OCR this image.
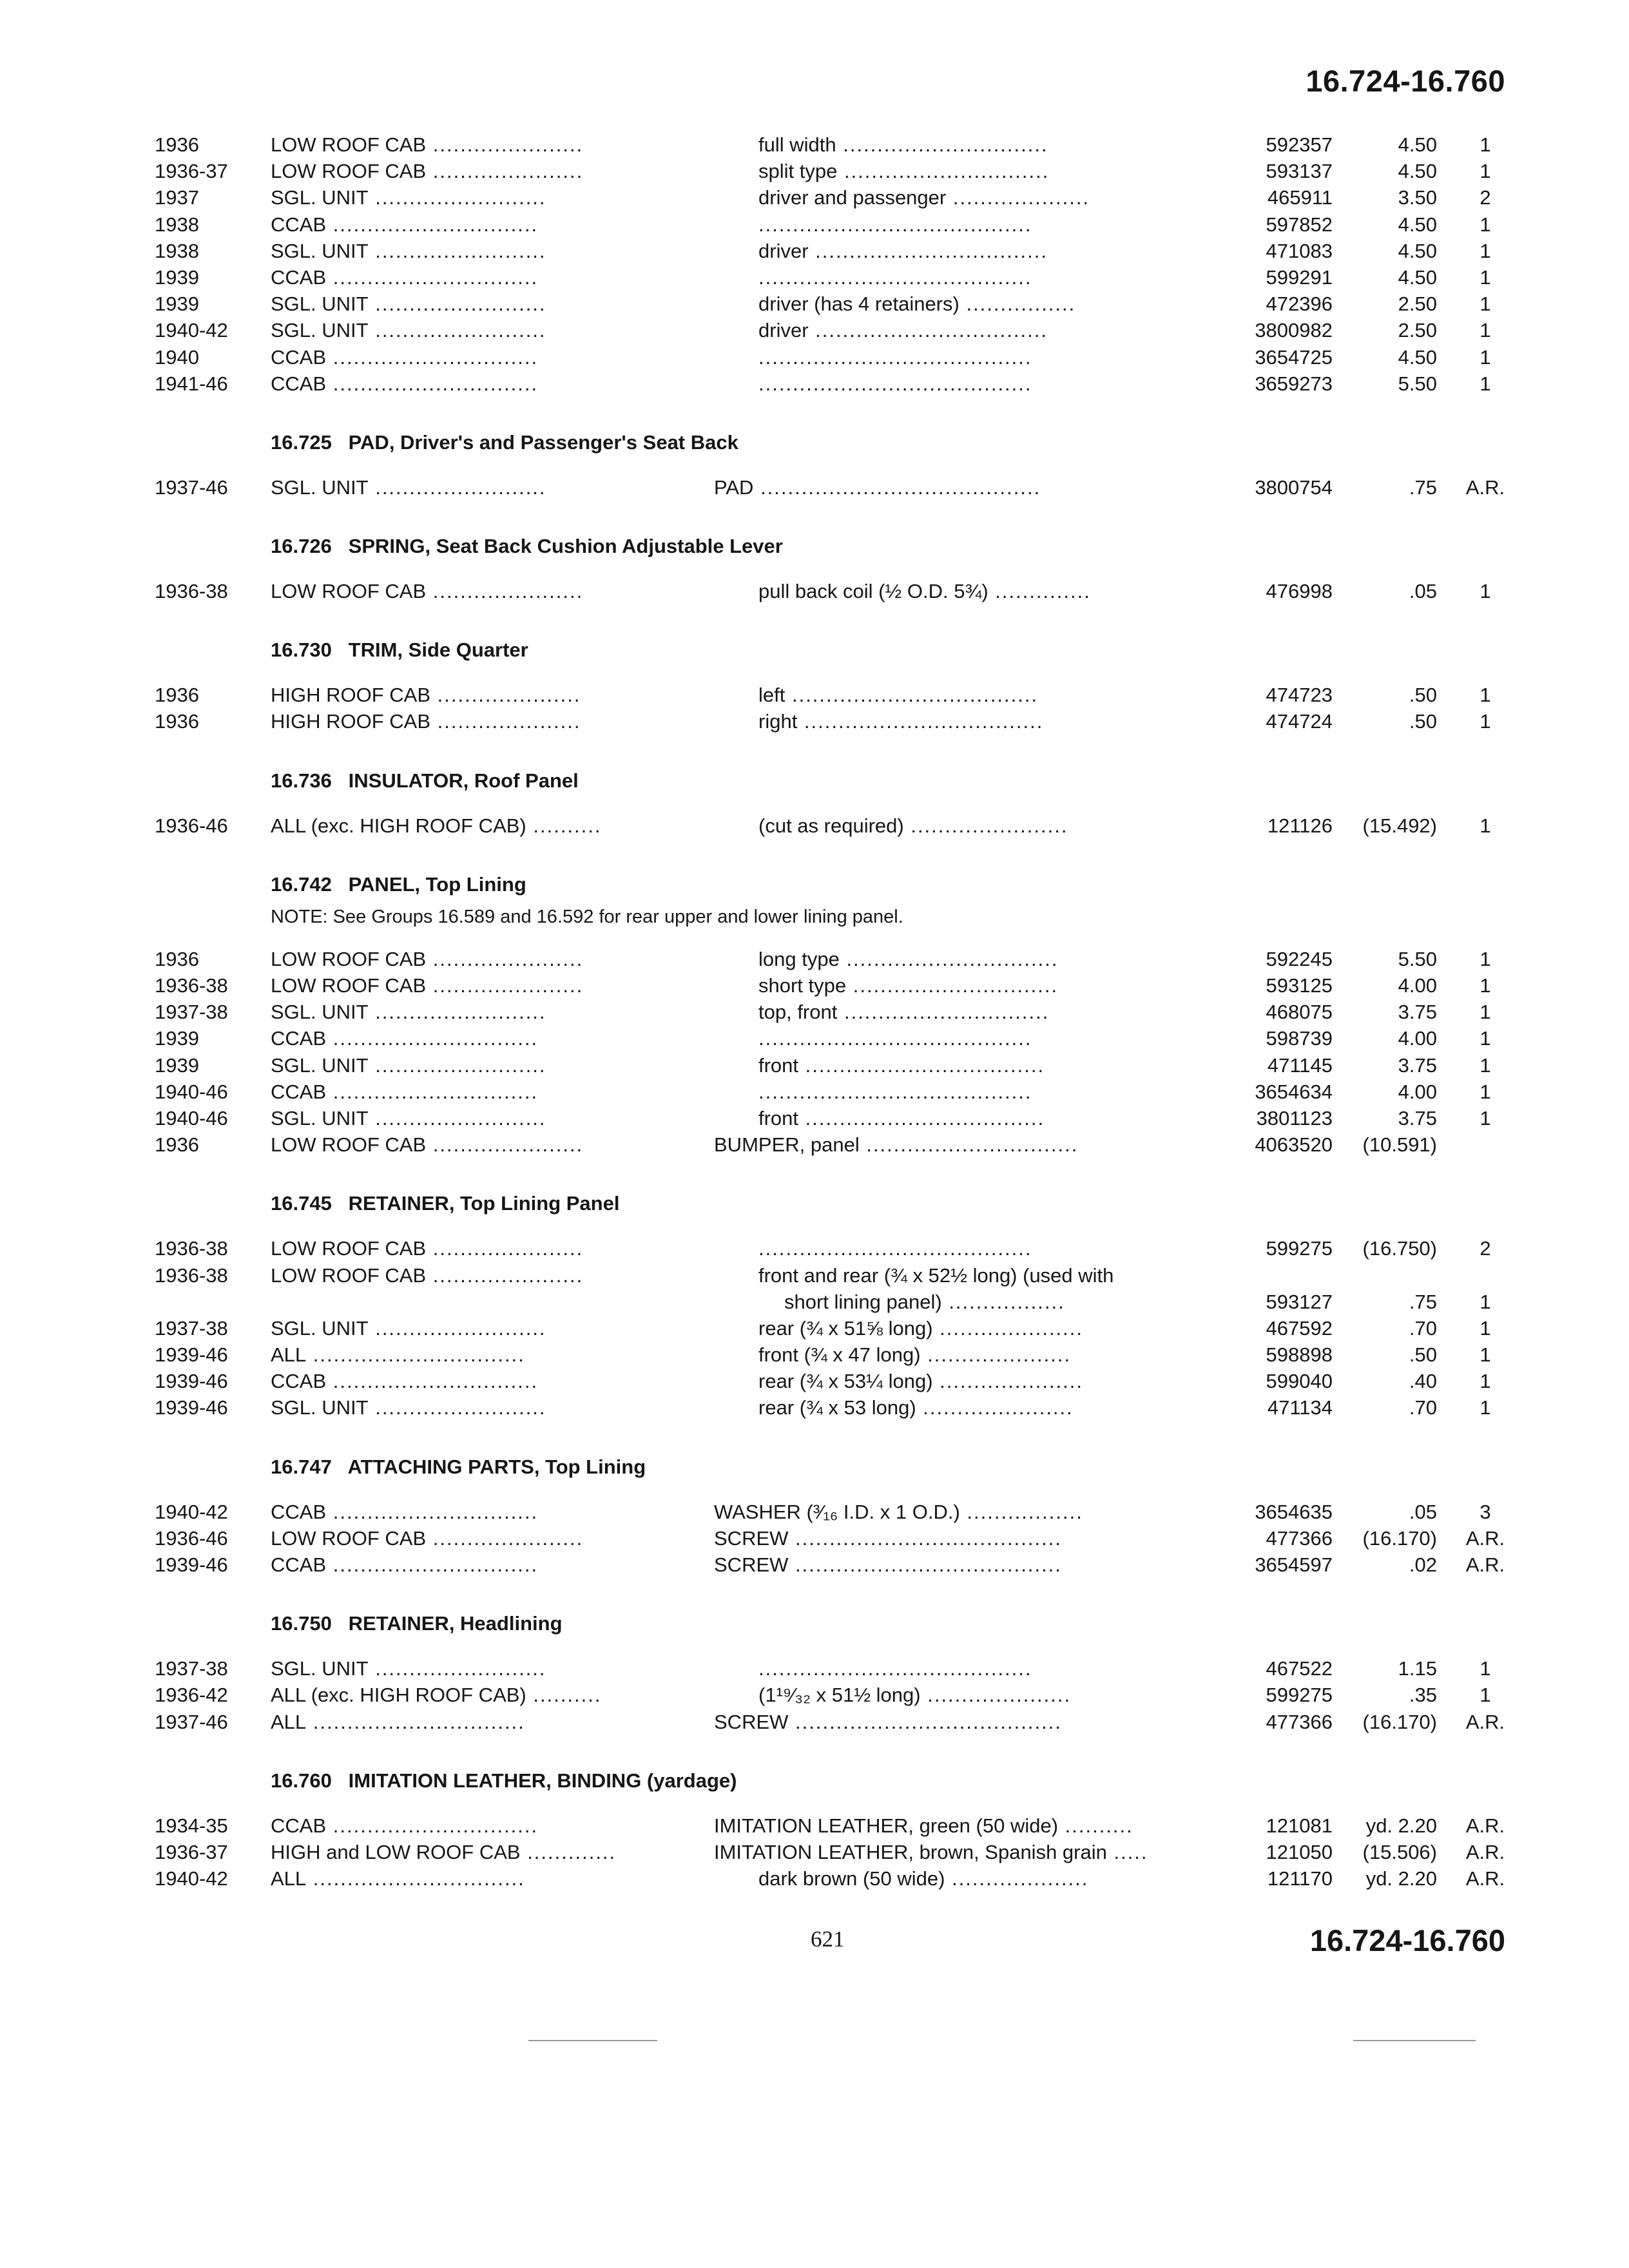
16.724-16.760
1936	LOW ROOF CAB ......................	full width ..............................	592357	4.50	1
1936-37 LOW ROOF CAB ......................	split type ..............................	593137	4.50	1
1937	SGL. UNIT .........................	driver and passenger ....................	465911	3.50	2
1938	CCAB ..............................	........................................	597852	4.50	1
1938	SGL. UNIT .........................	driver ..................................	471083	4.50	1
1939	CCAB ..............................	........................................	599291	4.50	1
1939	SGL. UNIT .........................	driver (has 4 retainers) ................	472396	2.50	1
1940-42 SGL. UNIT .........................	driver ..................................	3800982	2.50	1
1940	CCAB ..............................	........................................	3654725	4.50	1
1941-46 CCAB ..............................	........................................	3659273	5.50	1
16.725 PAD, Driver's and Passenger's Seat Back
1937-46 SGL. UNIT .........................	PAD .........................................	3800754	.75	A.R.
16.726 SPRING, Seat Back Cushion Adjustable Lever
1936-38 LOW ROOF CAB ......................	pull back coil (½ O.D. 5¾) ..............	476998	.05	1
16.730 TRIM, Side Quarter
1936	HIGH ROOF CAB .....................	left ....................................	474723	.50	1
1936	HIGH ROOF CAB .....................	right ...................................	474724	.50	1
16.736 INSULATOR, Roof Panel
1936-46 ALL (exc. HIGH ROOF CAB) ..........	(cut as required) .......................	121126	(15.492)	1
16.742 PANEL, Top Lining
NOTE: See Groups 16.589 and 16.592 for rear upper and lower lining panel.
1936	LOW ROOF CAB ......................	long type ...............................	592245	5.50	1
1936-38 LOW ROOF CAB ......................	short type ..............................	593125	4.00	1
1937-38 SGL. UNIT .........................	top, front ..............................	468075	3.75	1
1939	CCAB ..............................	........................................	598739	4.00	1
1939	SGL. UNIT .........................	front ...................................	471145	3.75	1
1940-46 CCAB ..............................	........................................	3654634	4.00	1
1940-46 SGL. UNIT .........................	front ...................................	3801123	3.75	1
1936	LOW ROOF CAB ......................	BUMPER, panel ...............................	4063520	(10.591)
16.745 RETAINER, Top Lining Panel
1936-38 LOW ROOF CAB ......................	........................................	599275	(16.750)	2
1936-38 LOW ROOF CAB ......................	front and rear (¾ x 52½ long) (used with
short lining panel) .................	593127	.75	1
1937-38 SGL. UNIT .........................	rear (¾ x 51⅝ long) .....................	467592	.70	1
1939-46 ALL ...............................	front (¾ x 47 long) .....................	598898	.50	1
1939-46 CCAB ..............................	rear (¾ x 53¼ long) .....................	599040	.40	1
1939-46 SGL. UNIT .........................	rear (¾ x 53 long) ......................	471134	.70	1
16.747 ATTACHING PARTS, Top Lining
1940-42 CCAB ..............................	WASHER (³⁄₁₆ I.D. x 1 O.D.) .................	3654635	.05	3
1936-46 LOW ROOF CAB ......................	SCREW .......................................	477366	(16.170)	A.R.
1939-46 CCAB ..............................	SCREW .......................................	3654597	.02	A.R.
16.750 RETAINER, Headlining
1937-38 SGL. UNIT .........................	........................................	467522	1.15	1
1936-42 ALL (exc. HIGH ROOF CAB) ..........	(1¹⁹⁄₃₂ x 51½ long) .....................	599275	.35	1
1937-46 ALL ...............................	SCREW .......................................	477366	(16.170)	A.R.
16.760 IMITATION LEATHER, BINDING (yardage)
1934-35 CCAB ..............................	IMITATION LEATHER, green (50 wide) ..........	121081	yd. 2.20	A.R.
1936-37 HIGH and LOW ROOF CAB .............	IMITATION LEATHER, brown, Spanish grain .....	121050	(15.506)	A.R.
1940-42 ALL ...............................	dark brown (50 wide) ....................	121170	yd. 2.20	A.R.
621	16.724-16.760
